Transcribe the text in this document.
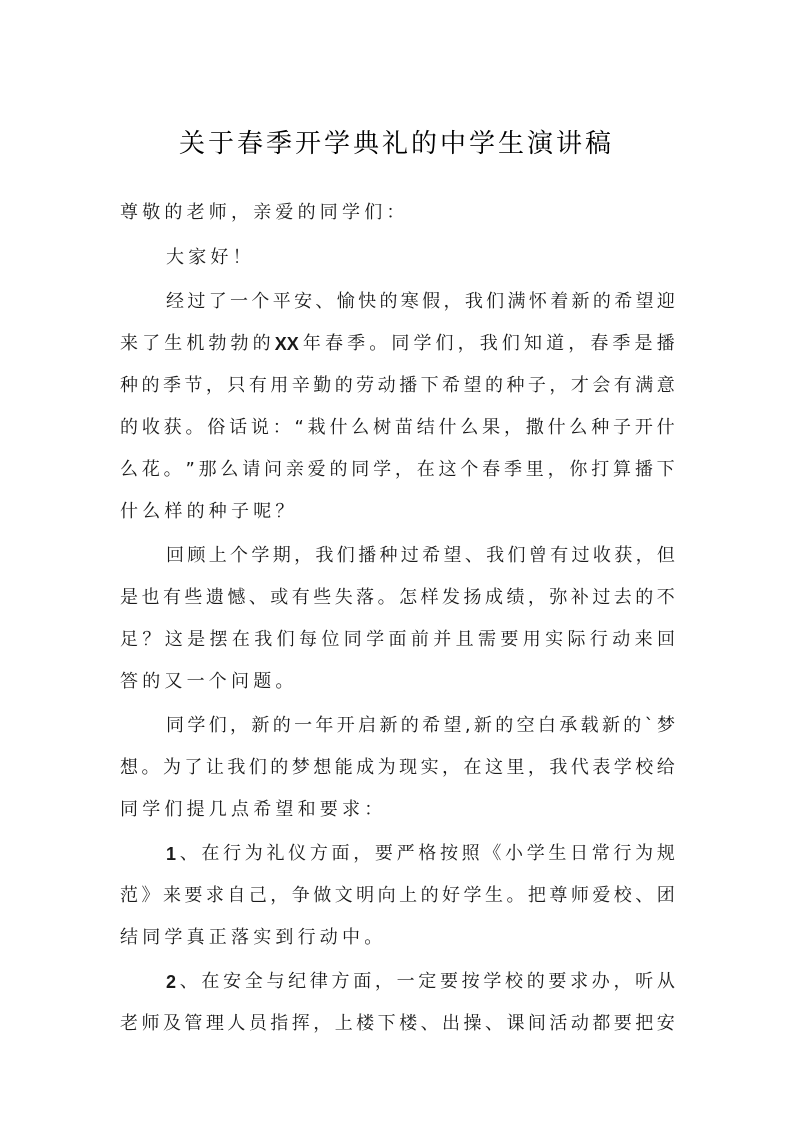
关于春季开学典礼的中学生演讲稿
尊敬的老师，亲爱的同学们：
大家好！
经 过 了 一 个 平 安 、 愉 快 的 寒 假 ， 我 们 满 怀 着 新 的 希 望 迎
来 了 生 机 勃 勃 的 XX 年 春 季 。 同 学 们 ， 我 们 知 道 ， 春 季 是 播
种 的 季 节 ， 只 有 用 辛 勤 的 劳 动 播 下 希 望 的 种 子 ， 才 会 有 满 意
的 收 获 。 俗 话 说 ： “ 栽 什 么 树 苗 结 什 么 果 ， 撒 什 么 种 子 开 什
么 花 。 ” 那 么 请 问 亲 爱 的 同 学 ， 在 这 个 春 季 里 ， 你 打 算 播 下
什么样的种子呢？
回 顾 上 个 学 期 ， 我 们 播 种 过 希 望 、 我 们 曾 有 过 收 获 ， 但
是 也 有 些 遗 憾 、 或 有 些 失 落 。 怎 样 发 扬 成 绩 ， 弥 补 过 去 的 不
足 ？ 这 是 摆 在 我 们 每 位 同 学 面 前 并 且 需 要 用 实 际 行 动 来 回
答的又一个问题。
同 学 们 ， 新 的 一 年 开 启 新 的 希 望 , 新 的 空 白 承 载 新 的 ` 梦
想 。 为 了 让 我 们 的 梦 想 能 成 为 现 实 ， 在 这 里 ， 我 代 表 学 校 给
同学们提几点希望和要求：
1 、 在 行 为 礼 仪 方 面 ， 要 严 格 按 照 《 小 学 生 日 常 行 为 规
范 》 来 要 求 自 己 ， 争 做 文 明 向 上 的 好 学 生 。 把 尊 师 爱 校 、 团
结同学真正落实到行动中。
2 、 在 安 全 与 纪 律 方 面 ， 一 定 要 按 学 校 的 要 求 办 ， 听 从
老 师 及 管 理 人 员 指 挥 ， 上 楼 下 楼 、 出 操 、 课 间 活 动 都 要 把 安
